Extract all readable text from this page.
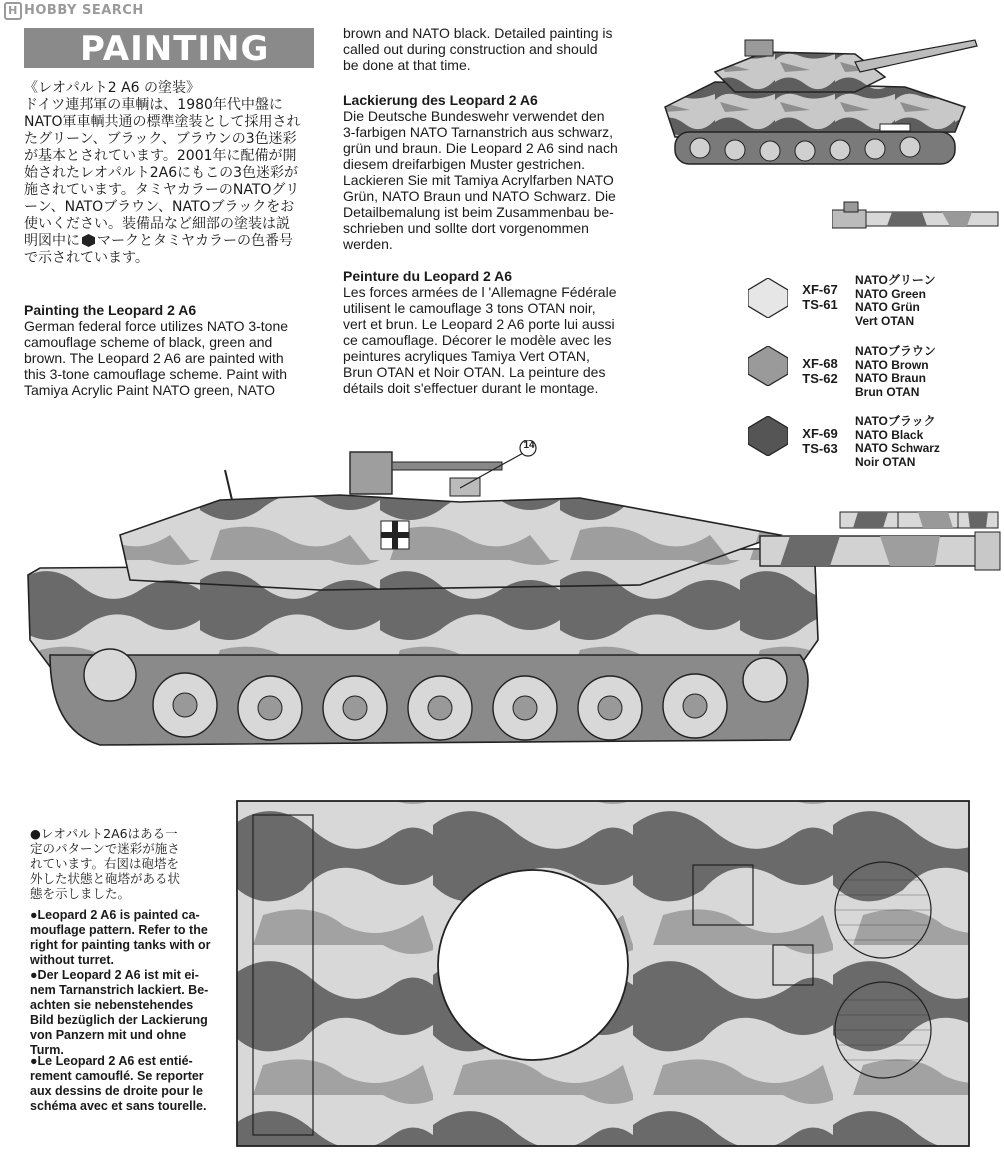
H HOBBY SEARCH
PAINTING
《レオパルト2 A6 の塗装》
ドイツ連邦軍の車輌は、1980年代中盤に
NATO軍車輌共通の標準塗装として採用され
たグリーン、ブラック、ブラウンの3色迷彩
が基本とされています。2001年に配備が開
始されたレオパルト2A6にもこの3色迷彩が
施されています。タミヤカラーのNATOグリ
ーン、NATOブラウン、NATOブラックをお
使いください。装備品など細部の塗装は説
明図中に マークとタミヤカラーの色番号
で示されています。
Painting the Leopard 2 A6
German federal force utilizes NATO 3-tone
camouflage scheme of black, green and
brown. The Leopard 2 A6 are painted with
this 3-tone camouflage scheme. Paint with
Tamiya Acrylic Paint NATO green, NATO
brown and NATO black. Detailed painting is
called out during construction and should
be done at that time.
Lackierung des Leopard 2 A6
Die Deutsche Bundeswehr verwendet den
3-farbigen NATO Tarnanstrich aus schwarz,
grün und braun. Die Leopard 2 A6 sind nach
diesem dreifarbigen Muster gestrichen.
Lackieren Sie mit Tamiya Acrylfarben NATO
Grün, NATO Braun und NATO Schwarz. Die
Detailbemalung ist beim Zusammenbau be-
schrieben und sollte dort vorgenommen
werden.
Peinture du Leopard 2 A6
Les forces armées de l 'Allemagne Fédérale
utilisent le camouflage 3 tons OTAN noir,
vert et brun. Le Leopard 2 A6 porte lui aussi
ce camouflage. Décorer le modèle avec les
peintures acryliques Tamiya Vert OTAN,
Brun OTAN et Noir OTAN. La peinture des
détails doit s'effectuer durant le montage.
XF-67
TS-61
NATOグリーン
NATO Green
NATO Grün
Vert OTAN
XF-68
TS-62
NATOブラウン
NATO Brown
NATO Braun
Brun OTAN
XF-69
TS-63
NATOブラック
NATO Black
NATO Schwarz
Noir OTAN
14
●レオパルト2A6はある一
定のパターンで迷彩が施さ
れています。右図は砲塔を
外した状態と砲塔がある状
態を示しました。
●Leopard 2 A6 is painted ca-
mouflage pattern. Refer to the
right for painting tanks with or
without turret.
●Der Leopard 2 A6 ist mit ei-
nem Tarnanstrich lackiert. Be-
achten sie nebenstehendes
Bild bezüglich der Lackierung
von Panzern mit und ohne
Turm.
●Le Leopard 2 A6 est entié-
rement camouflé. Se reporter
aux dessins de droite pour le
schéma avec et sans tourelle.
